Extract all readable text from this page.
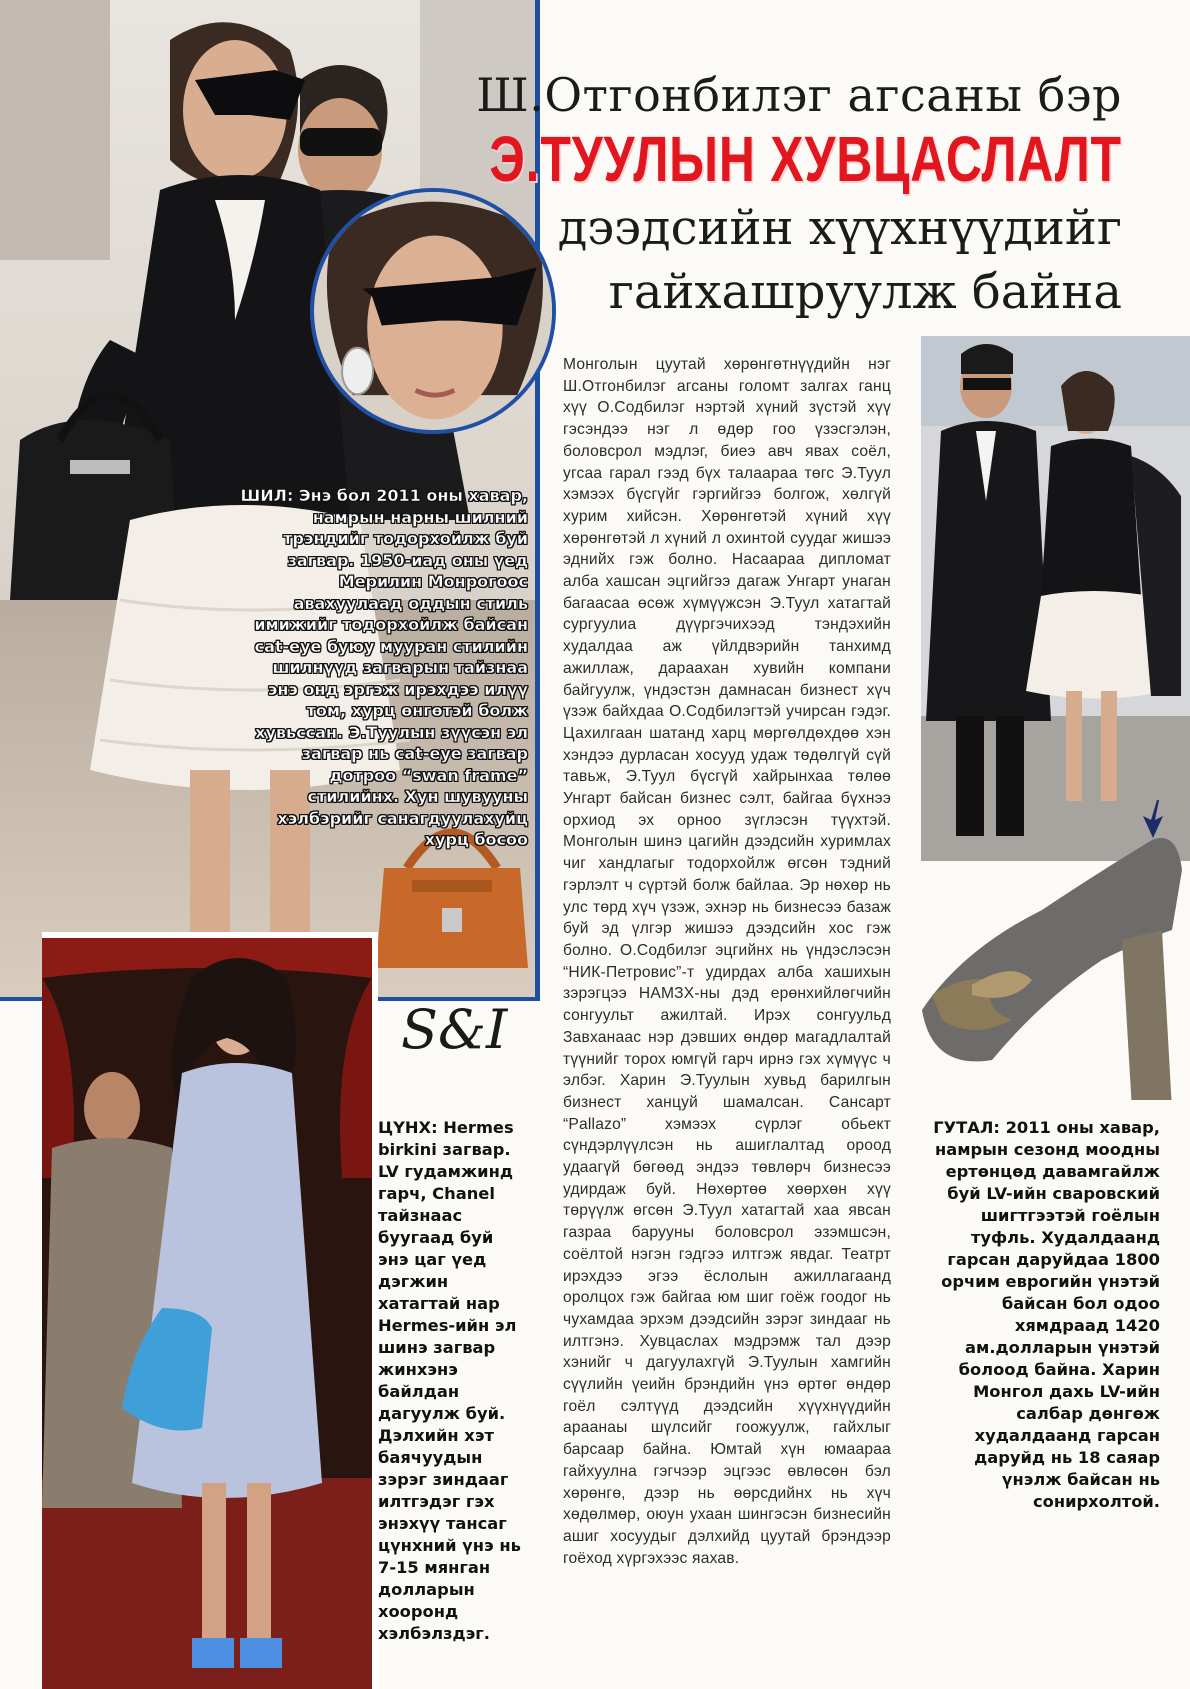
Ш.Отгонбилэг агсаны бэр
Э.ТУУЛЫН ХУВЦАСЛАЛТ
дээдсийн хүүхнүүдийг
гайхашруулж байна
S&I
Монголын цуутай хөрөнгөтнүүдийн нэг Ш.Отгонбилэг агсаны голомт залгах ганц хүү О.Содбилэг нэртэй хүний зүстэй хүү гэсэндээ нэг л өдөр гоо үзэсгэлэн, боловсрол мэдлэг, биеэ авч явах соёл, угсаа гарал гээд бүх талаараа төгс Э.Туул хэмээх бүсгүйг гэргийгээ болгож, хөлгүй хурим хийсэн. Хөрөнгөтэй хүний хүү хөрөнгөтэй л хүний л охинтой суудаг жишээ эднийх гэж болно. Насаараа дипломат алба хашсан эцгийгээ дагаж Унгарт унаган багаасаа өсөж хүмүүжсэн Э.Туул хатагтай сургуулиа дүүргэчихээд тэндэхийн худалдаа аж үйлдвэрийн танхимд ажиллаж, дараахан хувийн компани байгуулж, үндэстэн дамнасан бизнест хүч үзэж байхдаа О.Содбилэгтэй учирсан гэдэг. Цахилгаан шатанд харц мөргөлдөхдөө хэн хэндээ дурласан хосууд удаж төдөлгүй сүй тавьж, Э.Туул бүсгүй хайрынхаа төлөө Унгарт байсан бизнес сэлт, байгаа бүхнээ орхиод эх орноо зүглэсэн түүхтэй. Монголын шинэ цагийн дээдсийн хуримлах чиг хандлагыг тодорхойлж өгсөн тэдний гэрлэлт ч сүртэй болж байлаа. Эр нөхөр нь улс төрд хүч үзэж, эхнэр нь бизнесээ базаж буй эд үлгэр жишээ дээдсийн хос гэж болно. О.Содбилэг эцгийнх нь үндэслэсэн “НИК-Петровис”-т удирдах алба хашихын зэрэгцээ НАМЗХ-ны дэд ерөнхийлөгчийн сонгуульт ажилтай. Ирэх сонгуульд Завханаас нэр дэвших өндөр магадлалтай түүнийг торох юмгүй гарч ирнэ гэх хүмүүс ч элбэг. Харин Э.Туулын хувьд барилгын бизнест ханцуй шамалсан. Сансарт “Pallazo” хэмээх сүрлэг обьект сүндэрлүүлсэн нь ашиглалтад ороод удаагүй бөгөөд эндээ төвлөрч бизнесээ удирдаж буй. Нөхөртөө хөөрхөн хүү төрүүлж өгсөн Э.Туул хатагтай хаа явсан газраа барууны боловсрол эзэмшсэн, соёлтой нэгэн гэдгээ илтгэж явдаг. Театрт ирэхдээ эгээ ёслолын ажиллагаанд оролцох гэж байгаа юм шиг гоёж гоодог нь чухамдаа эрхэм дээдсийн зэрэг зиндааг нь илтгэнэ. Хувцаслах мэдрэмж тал дээр хэнийг ч дагуулахгүй Э.Туулын хамгийн сүүлийн үеийн брэндийн үнэ өртөг өндөр гоёл сэлтүүд дээдсийн хүүхнүүдийн араанаы шүлсийг гоожуулж, гайхлыг барсаар байна. Юмтай хүн юмаараа гайхуулна гэгчээр эцгээс өвлөсөн бэл хөрөнгө, дээр нь өөрсдийнх нь хүч хөдөлмөр, оюун ухаан шингэсэн бизнесийн ашиг хосуудыг дэлхийд цуутай брэндээр гоёход хүргэхээс яахав.
ШИЛ: Энэ бол 2011 оны хавар, намрын нарны шилний трэндийг тодорхойлж буй загвар. 1950-иад оны үед Мерилин Монрогоос авахуулаад оддын стиль имижийг тодорхойлж байсан cat-eye буюу мууран стилийн шилнүүд загварын тайзнаа энэ онд эргэж ирэхдээ илүү том, хурц өнгөтэй болж хувьссан. Э.Туулын зүүсэн эл загвар нь cat-eye загвар дотроо “swan frame” стилийнх. Хун шувууны хэлбэрийг санагдуулахуйц хурц босоо
ЦҮНХ: Hermes birkini загвар. LV гудамжинд гарч, Chanel тайзнаас буугаад буй энэ цаг үед дэгжин хатагтай нар Hermes-ийн эл шинэ загвар жинхэнэ байлдан дагуулж буй. Дэлхийн хэт баячуудын зэрэг зиндааг илтгэдэг гэх энэхүү тансаг цүнхний үнэ нь 7-15 мянган долларын хооронд хэлбэлздэг.
ГУТАЛ: 2011 оны хавар, намрын сезонд моодны ертөнцөд давамгайлж буй LV-ийн сваровский шигтгээтэй гоёлын туфль. Худалдаанд гарсан даруйдаа 1800 орчим еврогийн үнэтэй байсан бол одоо хямдраад 1420 ам.долларын үнэтэй болоод байна. Харин Монгол дахь LV-ийн салбар дөнгөж худалдаанд гарсан даруйд нь 18 саяар үнэлж байсан нь сонирхолтой.
